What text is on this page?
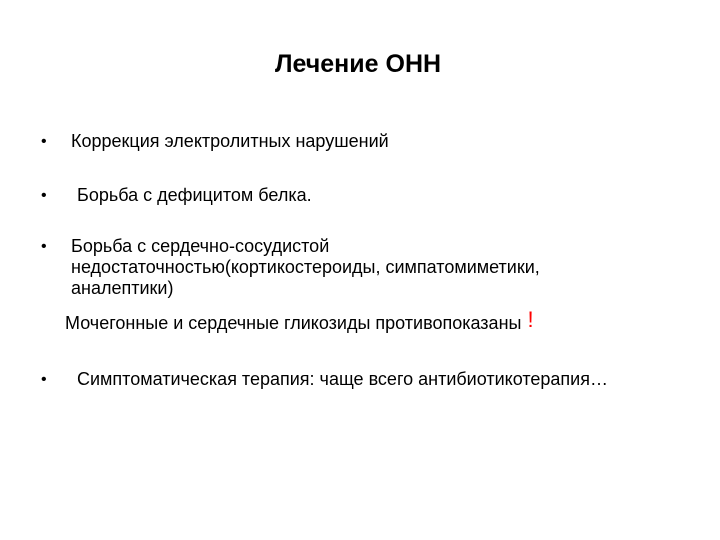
Лечение ОНН
• Коррекция электролитных нарушений
• Борьба с дефицитом белка.
• Борьба с сердечно-сосудистой
недостаточностью(кортикостероиды, симпатомиметики,
аналептики)
Мочегонные и сердечные гликозиды противопоказаны !
• Симптоматическая терапия: чаще всего антибиотикотерапия…
